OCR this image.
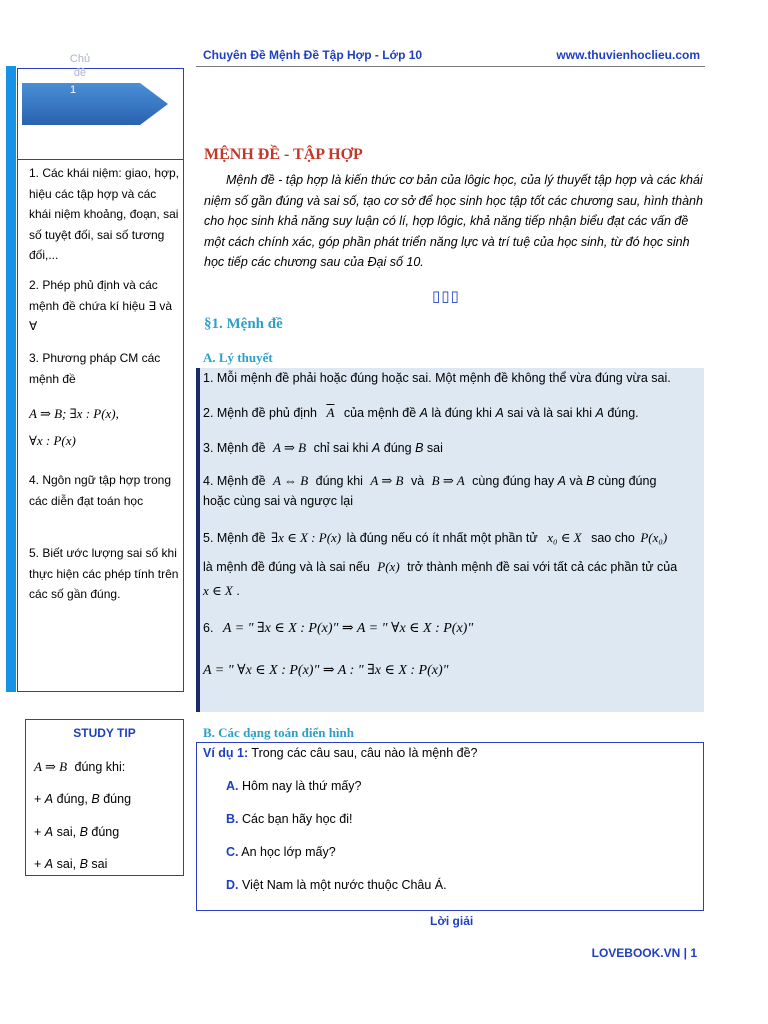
Chuyên Đề Mệnh Đề Tập Hợp - Lớp 10	www.thuvienhoclieu.com
Chủ
đề
1
1. Các khái niệm: giao, hợp, hiệu các tập hợp và các khái niệm khoảng, đoạn, sai số tuyệt đối, sai số tương đối,...
2. Phép phủ định và các mệnh đề chứa kí hiệu ∃ và ∀
3. Phương pháp CM các mệnh đề
A ⇒ B; ∃x : P(x),
∀x : P(x)
4. Ngôn ngữ tập hợp trong các diễn đạt toán học
5. Biết ước lượng sai số khi thực hiện các phép tính trên các số gần đúng.
MỆNH ĐỀ - TẬP HỢP
Mệnh đề - tập hợp là kiến thức cơ bản của lôgic học, của lý thuyết tập hợp và các khái niệm số gần đúng và sai số, tạo cơ sở để học sinh học tập tốt các chương sau, hình thành cho học sinh khả năng suy luận có lí, hợp lôgic, khả năng tiếp nhận biểu đạt các vấn đề một cách chính xác, góp phần phát triển năng lực và trí tuệ của học sinh, từ đó học sinh học tiếp các chương sau của Đại số 10.
▯▯▯
§1. Mệnh đề
A. Lý thuyết
1. Mỗi mệnh đề phải hoặc đúng hoặc sai. Một mệnh đề không thể vừa đúng vừa sai.
2. Mệnh đề phủ định $\overline{A}$ của mệnh đề A là đúng khi A sai và là sai khi A đúng.
3. Mệnh đề A ⇒ B chỉ sai khi A đúng B sai
4. Mệnh đề A ⇔ B đúng khi A ⇒ B và B ⇒ A cùng đúng hay A và B cùng đúng
hoặc cùng sai và ngược lại
5. Mệnh đề ∃x ∈ X : P(x) là đúng nếu có ít nhất một phần tử x₀ ∈ X sao cho P(x₀)
là mệnh đề đúng và là sai nếu P(x) trở thành mệnh đề sai với tất cả các phần tử của
x ∈ X .
6. A = " ∃x ∈ X : P(x)" ⇒ A = " ∀x ∈ X : P(x)"
A = " ∀x ∈ X : P(x)" ⇒ A : " ∃x ∈ X : P(x)"
B. Các dạng toán điển hình
Ví dụ 1: Trong các câu sau, câu nào là mệnh đề?
A. Hôm nay là thứ mấy?
B. Các bạn hãy học đi!
C. An học lớp mấy?
D. Việt Nam là một nước thuộc Châu Á.
Lời giải
STUDY TIP
A ⇒ B đúng khi:
+ A đúng, B đúng
+ A sai, B đúng
+ A sai, B sai
LOVEBOOK.VN | 1
